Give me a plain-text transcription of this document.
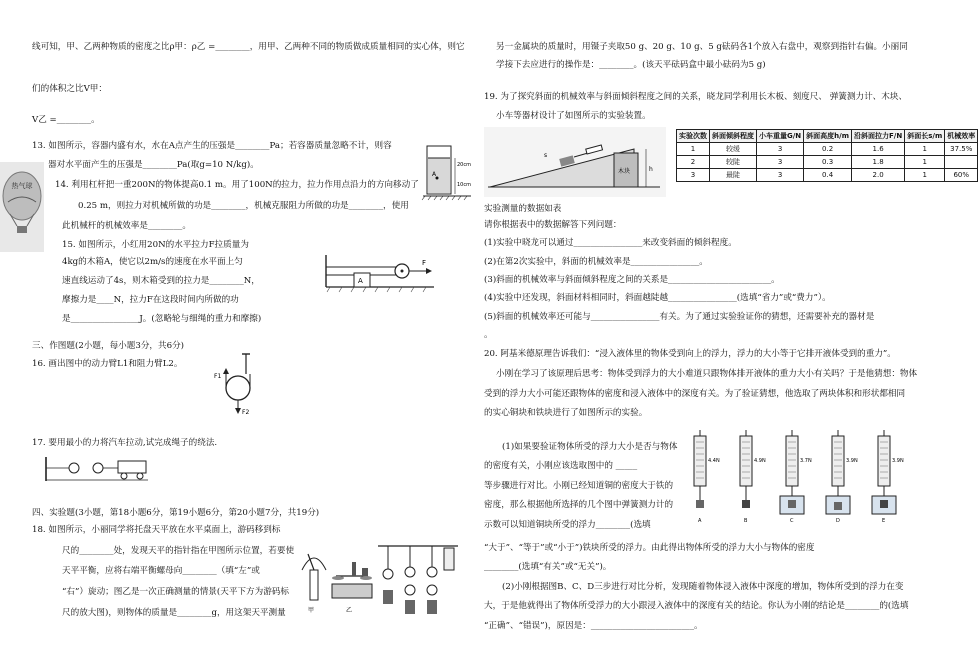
线可知，甲、乙两种物质的密度之比ρ甲：ρ乙 =________，用甲、乙两种不同的物质做成质量相同的实心体，则它
们的体积之比V甲：
V乙 =________。
13. 如图所示，容器内盛有水，水在A点产生的压强是________Pa；若容器质量忽略不计，则容
器对水平面产生的压强是________Pa(取g=10 N/kg)。
热气球	14. 利用杠杆把一重200N的物体提高0.1 m。用了100N的拉力，拉力作用点沿力的方向移动了
0.25 m，则拉力对机械所做的功是________，机械克服阻力所做的功是________，使用
此机械杆的机械效率是________。
15. 如图所示，小红用20N的水平拉力F拉质量为
4kg的木箱A，使它以2m/s的速度在水平面上匀
速直线运动了4s，则木箱受到的拉力是________N，
摩擦力是____N，拉力F在这段时间内所做的功
是________________J。(忽略轮与细绳的重力和摩擦)
A
20cm
10cm
A
F
三、作图题(2小题，每小题3分，共6分)
16. 画出图中的动力臂L1和阻力臂L2。
F1
F2
17. 要用最小的力将汽车拉动,试完成绳子的绕法.
四、实验题(3小题，第18小题6分，第19小题6分，第20小题7分，共19分)
18. 如图所示，小丽同学将托盘天平放在水平桌面上，游码移到标
尺的________处，发现天平的指针指在甲图所示位置，若要使
天平平衡，应将右端平衡螺母向________（填“左”或
“右”）旋动；图乙是一次正确测量的情景(天平下方为游码标
尺的放大图)，则物体的质量是________g，用这架天平测量	甲	乙
另一金属块的质量时，用镊子夹取50 g、20 g、10 g、5 g砝码各1个放入右盘中，观察到指针右偏。小丽同
学接下去应进行的操作是：________。(该天平砝码盒中最小砝码为5 g)
19. 为了探究斜面的机械效率与斜面倾斜程度之间的关系，晓龙同学利用长木板、刻度尺、 弹簧测力计、木块、
小车等器材设计了如图所示的实验装置。
木块
s
h
实验次数	斜面倾斜程度	小车重量G/N	斜面高度h/m	沿斜面拉力F/N	斜面长s/m	机械效率
1	较缓	3	0.2	1.6	1	37.5%
2	较陡	3	0.3	1.8	1	
3	最陡	3	0.4	2.0	1	60%
实验测量的数据如表
请你根据表中的数据解答下列问题：
(1)实验中晓龙可以通过________________来改变斜面的倾斜程度。
(2)在第2次实验中，斜面的机械效率是________________。
(3)斜面的机械效率与斜面倾斜程度之间的关系是________________________。
(4)实验中还发现，斜面材料相同时，斜面越陡越________________(选填“省力”或“费力”）。
(5)斜面的机械效率还可能与________________有关。为了通过实验验证你的猜想，还需要补充的器材是
。
20. 阿基米德原理告诉我们：“浸入液体里的物体受到向上的浮力，浮力的大小等于它排开液体受到的重力”。
小刚在学习了该原理后思考：物体受到浮力的大小难道只跟物体排开液体的重力大小有关吗？于是他猜想：物体
受到的浮力大小可能还跟物体的密度和浸入液体中的深度有关。为了验证猜想，他选取了两块体积和形状都相同
的实心铜块和铁块进行了如图所示的实验。
(1)如果要验证物体所受的浮力大小是否与物体
的密度有关，小刚应该选取图中的 _____
等步骤进行对比。小刚已经知道铜的密度大于铁的
密度，那么根据他所选择的几个图中弹簧测力计的
示数可以知道铜块所受的浮力________(选填
“大于”、“等于”或“小于”)铁块所受的浮力。由此得出物体所受的浮力大小与物体的密度
________(选填“有关”或“无关”)。
(2)小刚根据图B、C、D三步进行对比分析，发现随着物体浸入液体中深度的增加，物体所受到的浮力在变
大，于是他就得出了物体所受浮力的大小跟浸入液体中的深度有关的结论。你认为小刚的结论是________的(选填
“正确”、“错误”)，原因是：________________________。
4.4N
A
4.9N
B
3.7N
C
3.9N
D
3.9N
E
